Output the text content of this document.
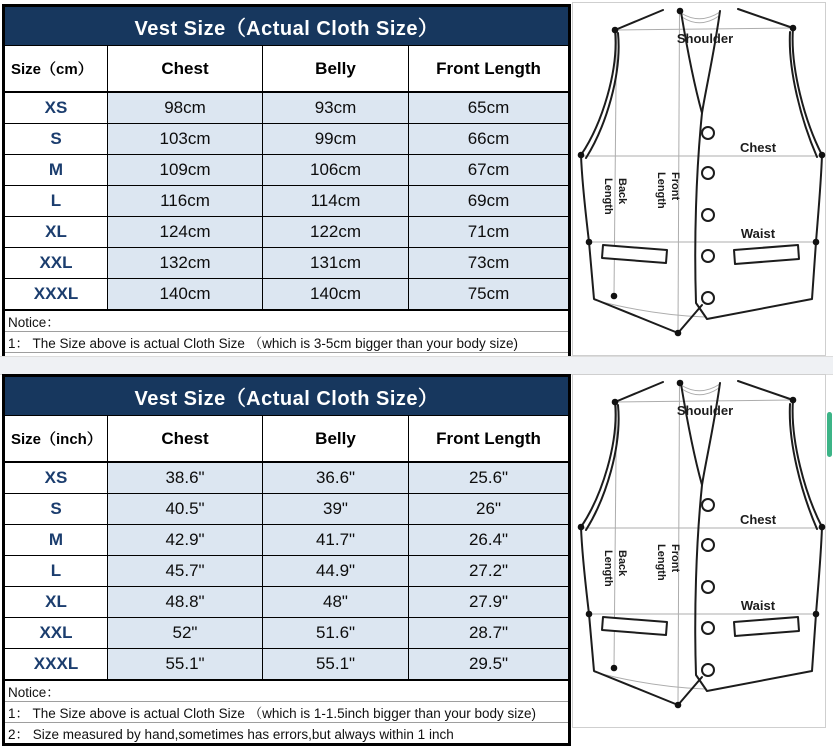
Vest Size（Actual Cloth Size）			
Size（cm）	Chest	Belly	Front Length
XS	98cm	93cm	65cm
S	103cm	99cm	66cm
M	109cm	106cm	67cm
L	116cm	114cm	69cm
XL	124cm	122cm	71cm
XXL	132cm	131cm	73cm
XXXL	140cm	140cm	75cm
Notice：			
1： The Size above is actual Cloth Size （which is 3-5cm bigger than your body size)			

Shoulder
Chest
Waist
BackLength	FrontLength
Vest Size（Actual Cloth Size）			
Size（inch）	Chest	Belly	Front Length
XS	38.6"	36.6"	25.6"
S	40.5"	39"	26"
M	42.9"	41.7"	26.4"
L	45.7"	44.9"	27.2"
XL	48.8"	48"	27.9"
XXL	52"	51.6"	28.7"
XXXL	55.1"	55.1"	29.5"
Notice：			
1： The Size above is actual Cloth Size （which is 1-1.5inch bigger than your body size)			
2： Size measured by hand,sometimes has errors,but always within 1 inch			
Shoulder
Chest
Waist
BackLength	FrontLength
